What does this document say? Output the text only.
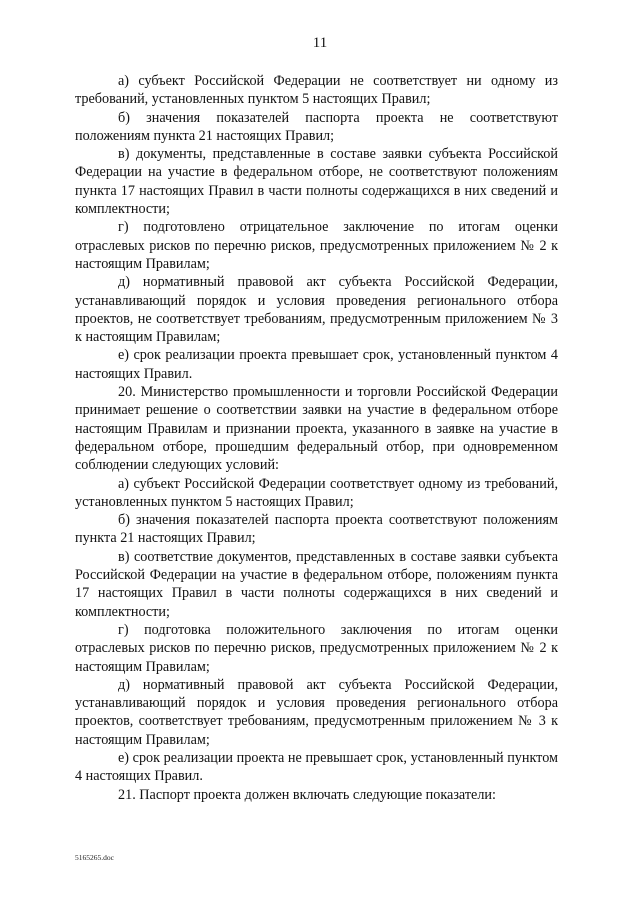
11

а) субъект Российской Федерации не соответствует ни одному из требований, установленных пунктом 5 настоящих Правил;

б) значения показателей паспорта проекта не соответствуют положениям пункта 21 настоящих Правил;

в) документы, представленные в составе заявки субъекта Российской Федерации на участие в федеральном отборе, не соответствуют положениям пункта 17 настоящих Правил в части полноты содержащихся в них сведений и комплектности;

г) подготовлено отрицательное заключение по итогам оценки отраслевых рисков по перечню рисков, предусмотренных приложением № 2 к настоящим Правилам;

д) нормативный правовой акт субъекта Российской Федерации, устанавливающий порядок и условия проведения регионального отбора проектов, не соответствует требованиям, предусмотренным приложением № 3 к настоящим Правилам;

е) срок реализации проекта превышает срок, установленный пунктом 4 настоящих Правил.

20. Министерство промышленности и торговли Российской Федерации принимает решение о соответствии заявки на участие в федеральном отборе настоящим Правилам и признании проекта, указанного в заявке на участие в федеральном отборе, прошедшим федеральный отбор, при одновременном соблюдении следующих условий:

а) субъект Российской Федерации соответствует одному из требований, установленных пунктом 5 настоящих Правил;

б) значения показателей паспорта проекта соответствуют положениям пункта 21 настоящих Правил;

в) соответствие документов, представленных в составе заявки субъекта Российской Федерации на участие в федеральном отборе, положениям пункта 17 настоящих Правил в части полноты содержащихся в них сведений и комплектности;

г) подготовка положительного заключения по итогам оценки отраслевых рисков по перечню рисков, предусмотренных приложением № 2 к настоящим Правилам;

д) нормативный правовой акт субъекта Российской Федерации, устанавливающий порядок и условия проведения регионального отбора проектов, соответствует требованиям, предусмотренным приложением № 3 к настоящим Правилам;

е) срок реализации проекта не превышает срок, установленный пунктом 4 настоящих Правил.

21. Паспорт проекта должен включать следующие показатели:

5165265.doc
